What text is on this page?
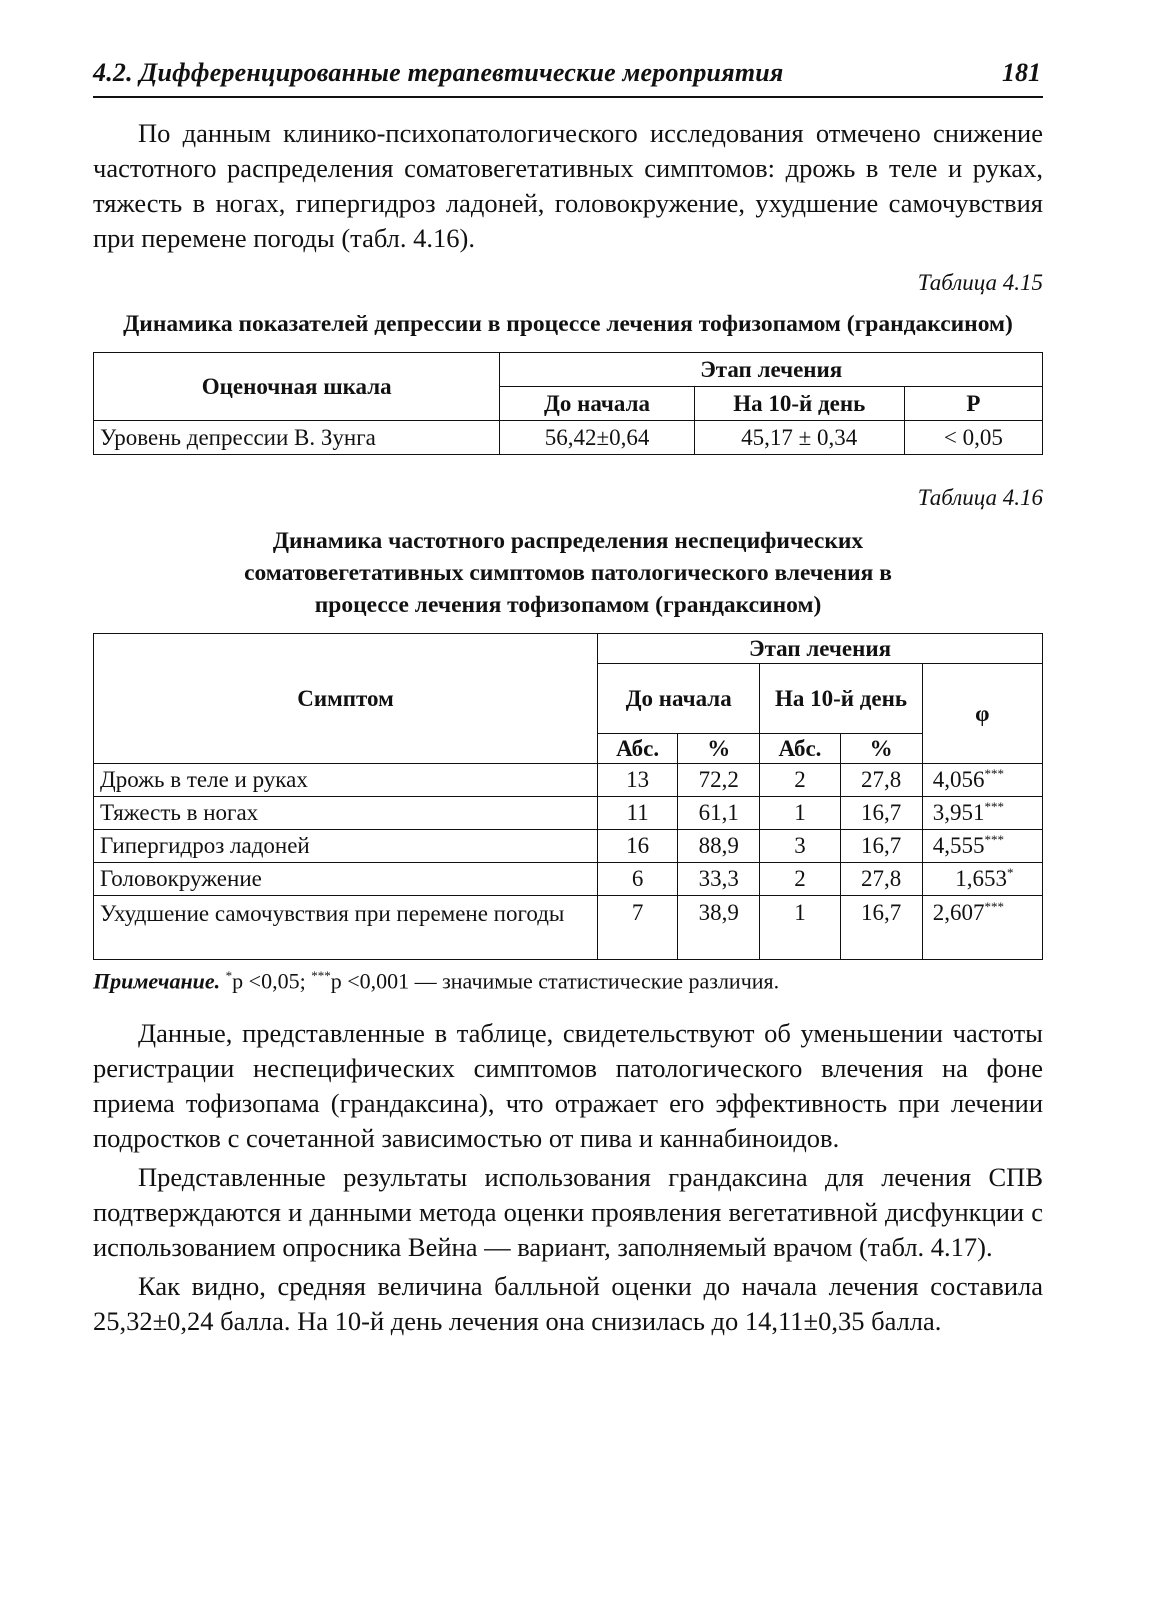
4.2. Дифференцированные терапевтические мероприятия	181

По данным клинико-психопатологического исследования отмечено снижение частотного распределения соматовегетативных симптомов: дрожь в теле и руках, тяжесть в ногах, гипергидроз ладоней, головокружение, ухудшение самочувствия при перемене погоды (табл. 4.16).

Таблица 4.15

Динамика показателей депрессии в процессе лечения тофизопамом (грандаксином)

Оценочная шкала	Этап лечения		
	До начала	На 10-й день	P
Уровень депрессии В. Зунга	56,42±0,64	45,17 ± 0,34	< 0,05

Таблица 4.16

Динамика частотного распределения неспецифических соматовегетативных симптомов патологического влечения в процессе лечения тофизопамом (грандаксином)

Симптом	Этап лечения				
	До начала		На 10-й день		φ
	Абс.	%	Абс.	%	
Дрожь в теле и руках	13	72,2	2	27,8	4,056***
Тяжесть в ногах	11	61,1	1	16,7	3,951***
Гипергидроз ладоней	16	88,9	3	16,7	4,555***
Головокружение	6	33,3	2	27,8	1,653*
Ухудшение самочувствия при перемене погоды	7	38,9	1	16,7	2,607***

Примечание. *р <0,05; ***р <0,001 — значимые статистические различия.

Данные, представленные в таблице, свидетельствуют об уменьшении частоты регистрации неспецифических симптомов патологического влечения на фоне приема тофизопама (грандаксина), что отражает его эффективность при лечении подростков с сочетанной зависимостью от пива и каннабиноидов.

Представленные результаты использования грандаксина для лечения СПВ подтверждаются и данными метода оценки проявления вегетативной дисфункции с использованием опросника Вейна — вариант, заполняемый врачом (табл. 4.17).

Как видно, средняя величина балльной оценки до начала лечения составила 25,32±0,24 балла. На 10-й день лечения она снизилась до 14,11±0,35 балла.
